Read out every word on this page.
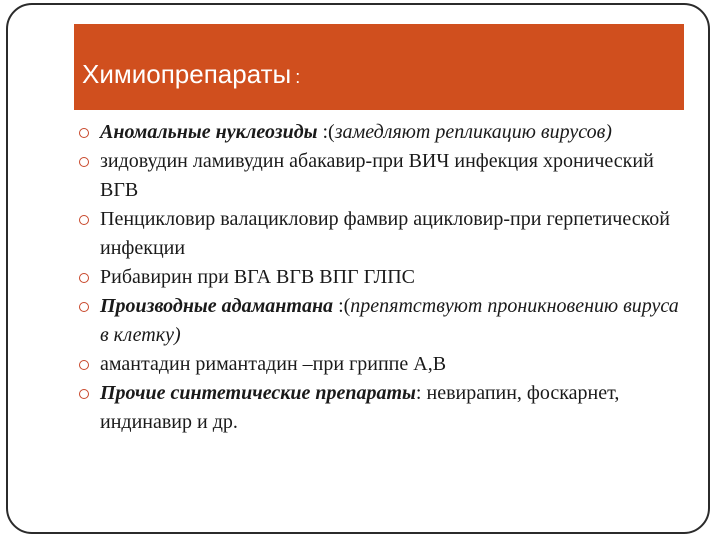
Химиопрепараты :
Аномальные нуклеозиды :(замедляют репликацию вирусов)
зидовудин ламивудин абакавир-при ВИЧ инфекция хронический ВГВ
Пенцикловир валацикловир фамвир ацикловир-при герпетической инфекции
Рибавирин при ВГА ВГВ ВПГ ГЛПС
Производные адамантана :(препятствуют проникновению вируса в клетку)
амантадин римантадин –при гриппе А,В
Прочие синтетические препараты: невирапин, фоскарнет, индинавир и др.
